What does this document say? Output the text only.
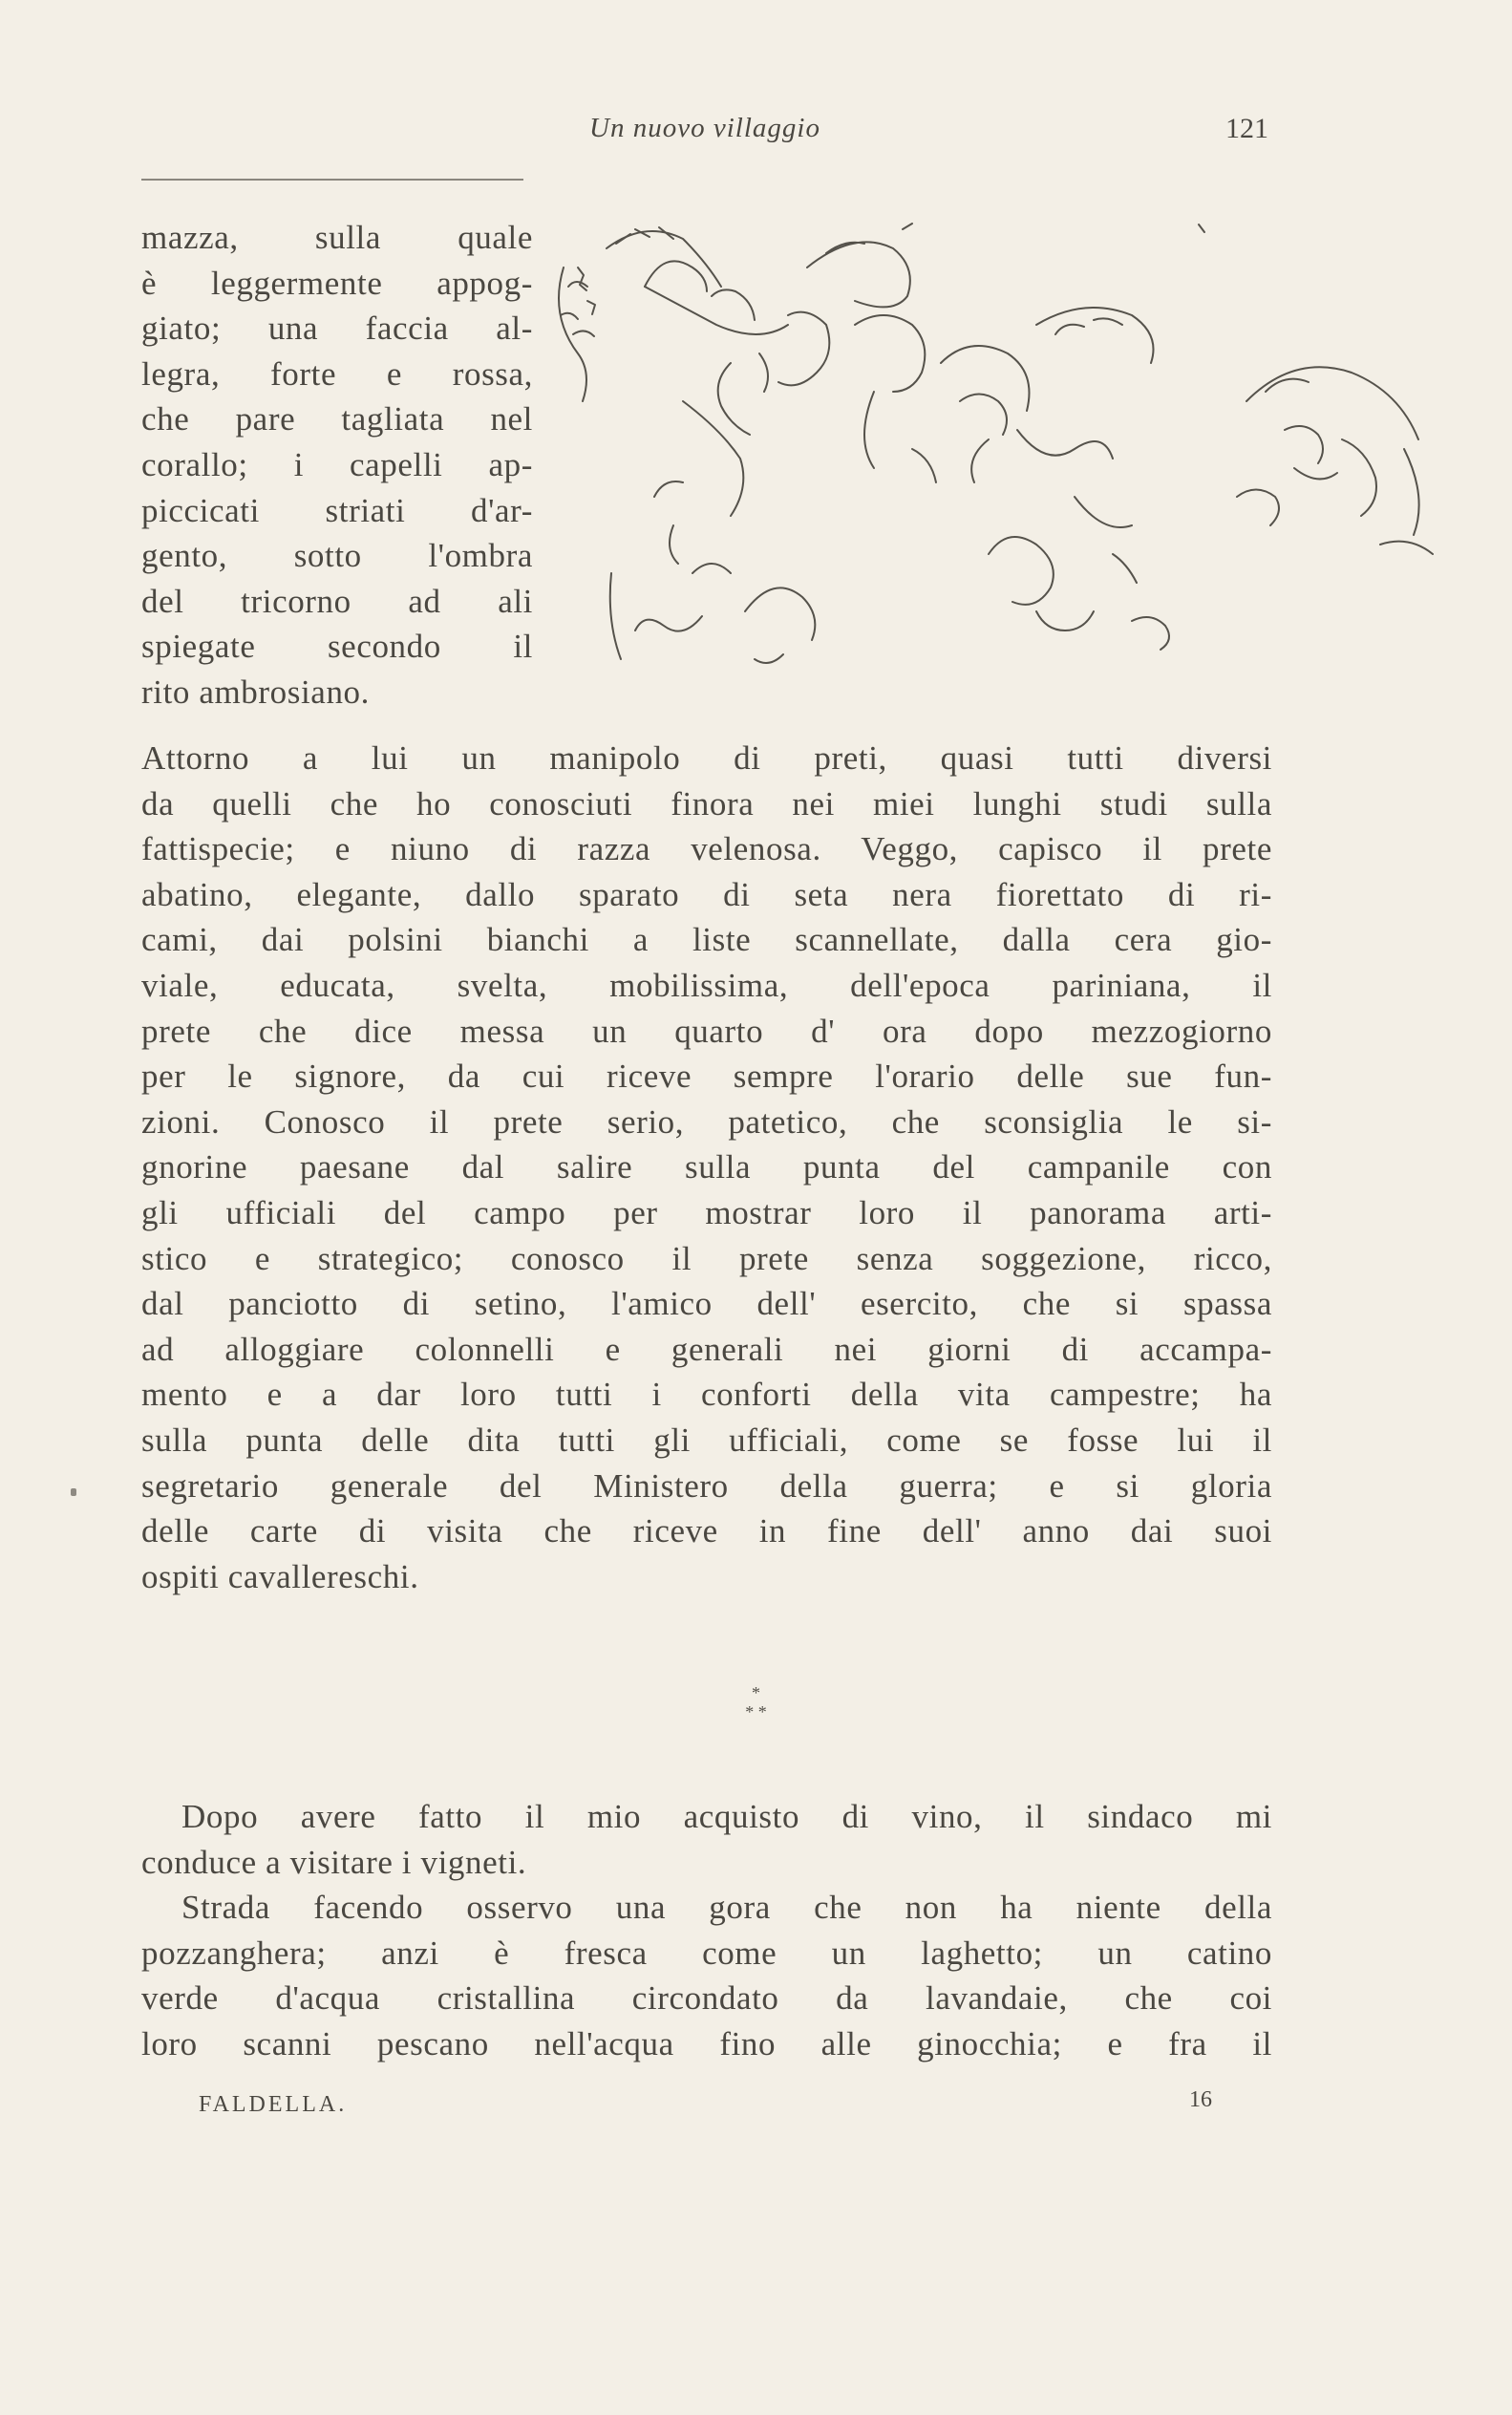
Un nuovo villaggio	121
mazza, sulla quale
è leggermente appog-
giato; una faccia al-
legra, forte e rossa,
che pare tagliata nel
corallo; i capelli ap-
piccicati striati d'ar-
gento, sotto l'ombra
del tricorno ad ali
spiegate secondo il
rito ambrosiano.
Attorno a lui un manipolo di preti, quasi tutti diversi
da quelli che ho conosciuti finora nei miei lunghi studi sulla
fattispecie; e niuno di razza velenosa. Veggo, capisco il prete
abatino, elegante, dallo sparato di seta nera fiorettato di ri-
cami, dai polsini bianchi a liste scannellate, dalla cera gio-
viale, educata, svelta, mobilissima, dell'epoca pariniana, il
prete che dice messa un quarto d' ora dopo mezzogiorno
per le signore, da cui riceve sempre l'orario delle sue fun-
zioni. Conosco il prete serio, patetico, che sconsiglia le si-
gnorine paesane dal salire sulla punta del campanile con
gli ufficiali del campo per mostrar loro il panorama arti-
stico e strategico; conosco il prete senza soggezione, ricco,
dal panciotto di setino, l'amico dell' esercito, che si spassa
ad alloggiare colonnelli e generali nei giorni di accampa-
mento e a dar loro tutti i conforti della vita campestre; ha
sulla punta delle dita tutti gli ufficiali, come se fosse lui il
segretario generale del Ministero della guerra; e si gloria
delle carte di visita che riceve in fine dell' anno dai suoi
ospiti cavallereschi.
*
* *
Dopo avere fatto il mio acquisto di vino, il sindaco mi
conduce a visitare i vigneti.
Strada facendo osservo una gora che non ha niente della
pozzanghera; anzi è fresca come un laghetto; un catino
verde d'acqua cristallina circondato da lavandaie, che coi
loro scanni pescano nell'acqua fino alle ginocchia; e fra il
FALDELLA.	16
